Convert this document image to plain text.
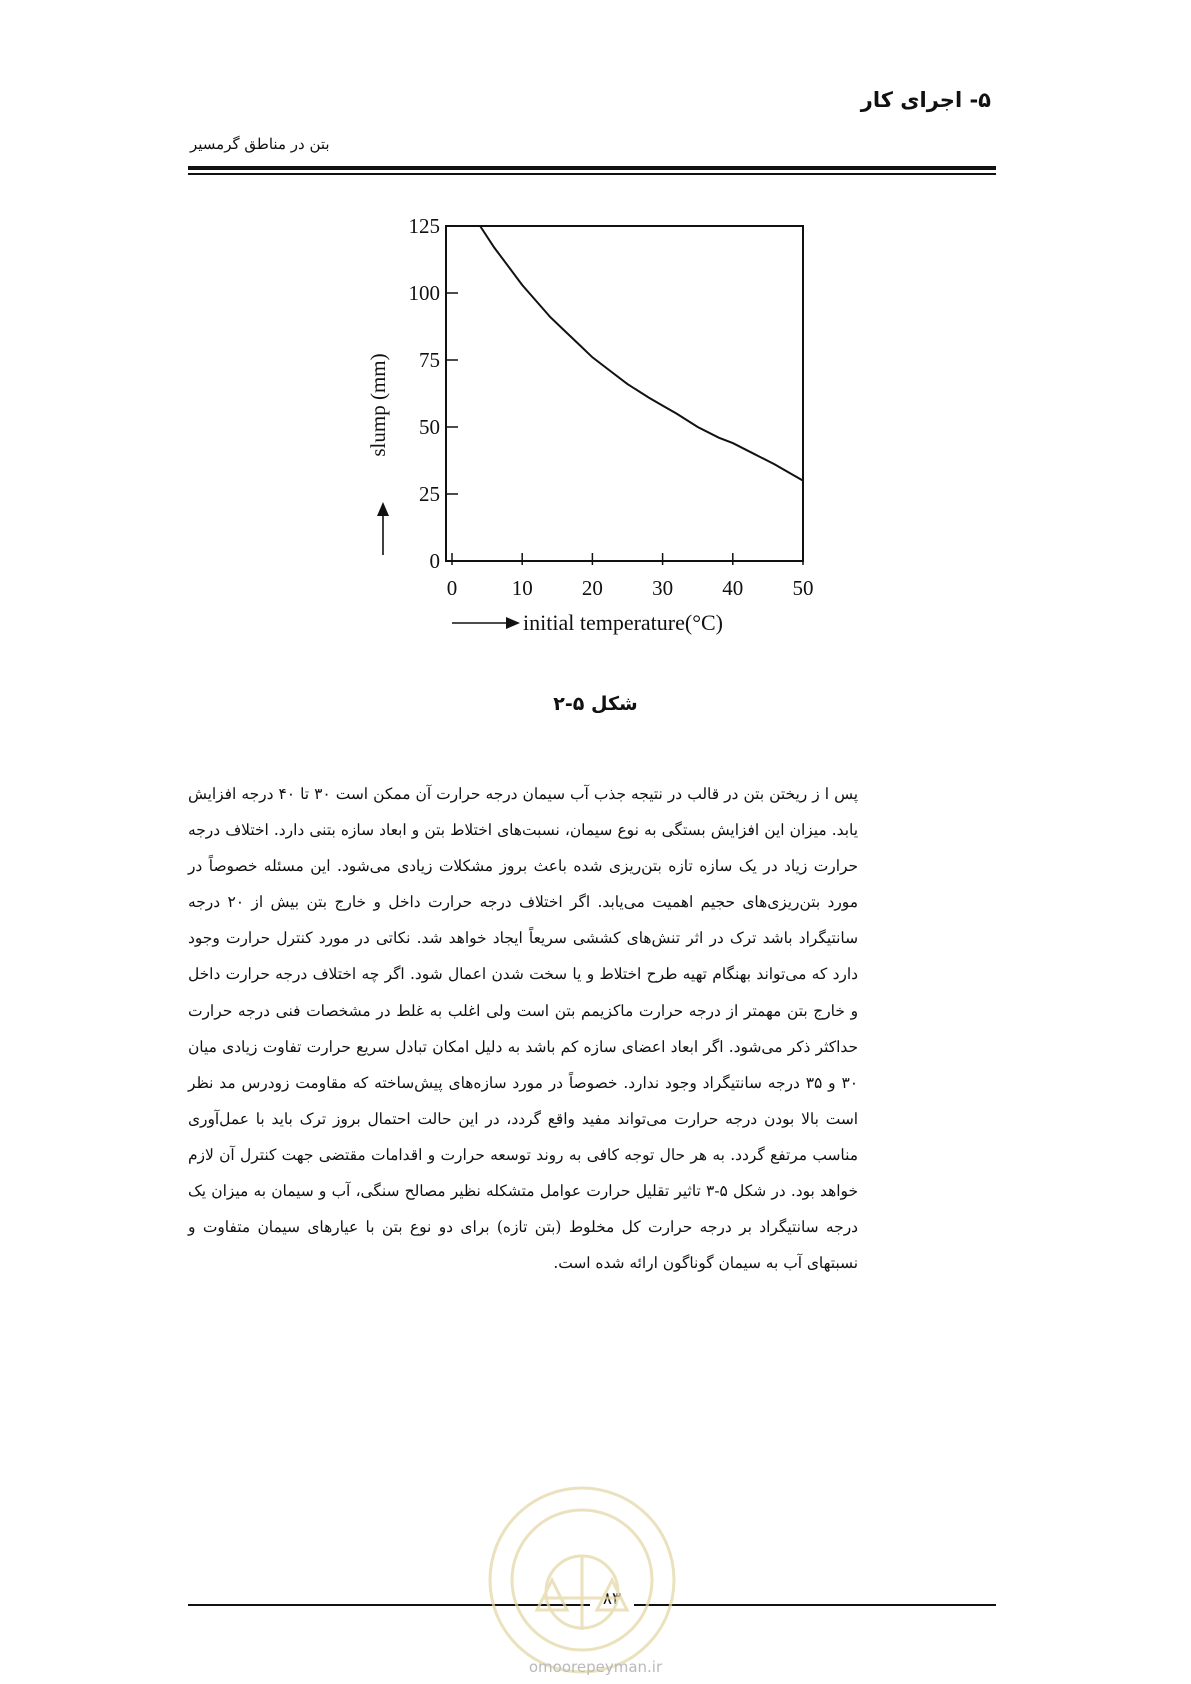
۵- اجرای کار
بتن در مناطق گرمسیر
0
25
50
75
100
125
0	10 20 30 40 50
slump (mm)
initial temperature(°C)
شکل ۵-۲

پس ا ز ریختن بتن در قالب در نتیجه جذب آب سیمان درجه حرارت آن ممکن است ۳۰ تا ۴۰ درجه افزایش یابد. میزان این افزایش بستگی به نوع سیمان، نسبت‌های اختلاط بتن و ابعاد سازه بتنی دارد. اختلاف درجه حرارت زیاد در یک سازه تازه بتن‌ریزی شده باعث بروز مشکلات زیادی می‌شود. این مسئله خصوصاً در مورد بتن‌ریزی‌های حجیم اهمیت می‌یابد. اگر اختلاف درجه حرارت داخل و خارج بتن بیش از ۲۰ درجه سانتیگراد باشد ترک در اثر تنش‌های کششی سریعاً ایجاد خواهد شد. نکاتی در مورد کنترل حرارت وجود دارد که می‌تواند بهنگام تهیه طرح اختلاط و یا سخت شدن اعمال شود. اگر چه اختلاف درجه حرارت داخل و خارج بتن مهمتر از درجه حرارت ماکزیمم بتن است ولی اغلب به غلط در مشخصات فنی درجه حرارت حداکثر ذکر می‌شود. اگر ابعاد اعضای سازه کم باشد به دلیل امکان تبادل سریع حرارت تفاوت زیادی میان ۳۰ و ۳۵ درجه سانتیگراد وجود ندارد. خصوصاً در مورد سازه‌های پیش‌ساخته که مقاومت زودرس مد نظر است بالا بودن درجه حرارت می‌تواند مفید واقع گردد، در این حالت احتمال بروز ترک باید با عمل‌آوری مناسب مرتفع گردد. به هر حال توجه کافی به روند توسعه حرارت و اقدامات مقتضی جهت کنترل آن لازم خواهد بود. در شکل ۵-۳ تاثیر تقلیل حرارت عوامل متشکله نظیر مصالح سنگی، آب و سیمان به میزان یک درجه سانتیگراد بر درجه حرارت کل مخلوط (بتن تازه) برای دو نوع بتن با عیارهای سیمان متفاوت و نسبتهای آب به سیمان گوناگون ارائه شده است.

۸۳
omoorepeyman.ir
